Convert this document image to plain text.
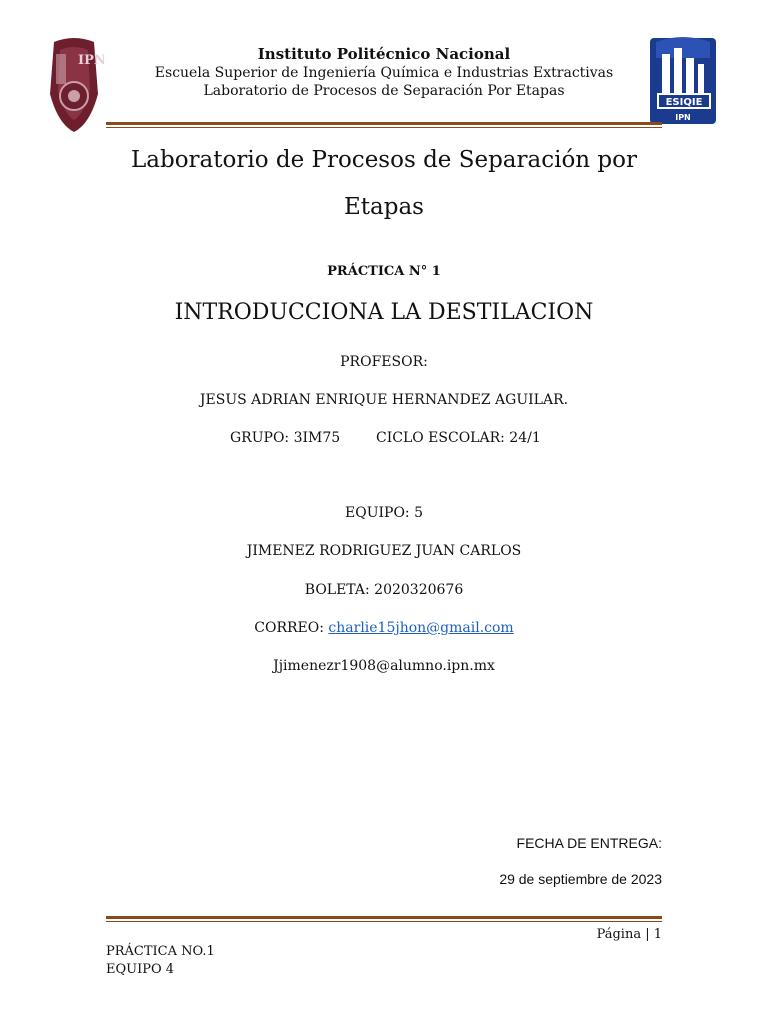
IPN
ESIQIE
IPN
Instituto Politécnico Nacional
Escuela Superior de Ingeniería Química e Industrias Extractivas
Laboratorio de Procesos de Separación Por Etapas
Laboratorio de Procesos de Separación por
Etapas
PRÁCTICA N° 1
INTRODUCCIONA LA DESTILACION
PROFESOR:
JESUS ADRIAN ENRIQUE HERNANDEZ AGUILAR.
GRUPO: 3IM75	CICLO ESCOLAR: 24/1
EQUIPO: 5
JIMENEZ RODRIGUEZ JUAN CARLOS
BOLETA: 2020320676
CORREO: charlie15jhon@gmail.com
Jjimenezr1908@alumno.ipn.mx
FECHA DE ENTREGA:
29 de septiembre de 2023
Página | 1
PRÁCTICA NO.1
EQUIPO 4
